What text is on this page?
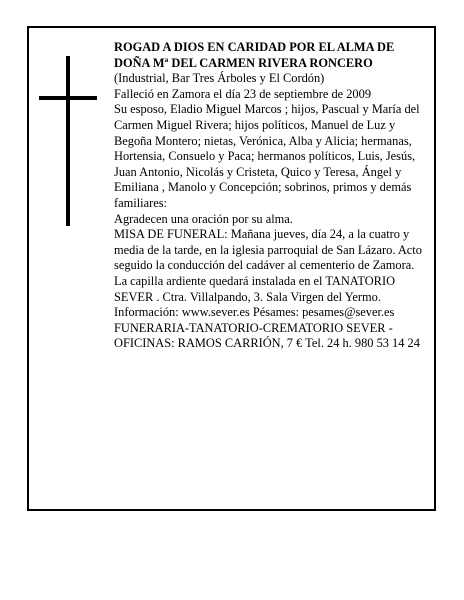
ROGAD A DIOS EN CARIDAD POR EL ALMA DE DOÑA Mª DEL CARMEN RIVERA RONCERO

(Industrial, Bar Tres Árboles y El Cordón)

Falleció en Zamora el día 23 de septiembre de 2009

Su esposo, Eladio Miguel Marcos ; hijos, Pascual y María del Carmen Miguel Rivera; hijos políticos, Manuel de Luz y Begoña Montero; nietas, Verónica, Alba y Alicia; hermanas, Hortensia, Consuelo y Paca; hermanos políticos, Luis, Jesús, Juan Antonio, Nicolás y Cristeta, Quico y Teresa, Ángel y Emiliana , Manolo y Concepción; sobrinos, primos y demás familiares:

Agradecen una oración por su alma.

MISA DE FUNERAL: Mañana jueves, día 24, a la cuatro y media de la tarde, en la iglesia parroquial de San Lázaro. Acto seguido la conducción del cadáver al cementerio de Zamora.

La capilla ardiente quedará instalada en el TANATORIO SEVER . Ctra. Villalpando, 3. Sala Virgen del Yermo.

Información: www.sever.es Pésames: pesames@sever.es

FUNERARIA-TANATORIO-CREMATORIO SEVER - OFICINAS: RAMOS CARRIÓN, 7 € Tel. 24 h. 980 53 14 24
